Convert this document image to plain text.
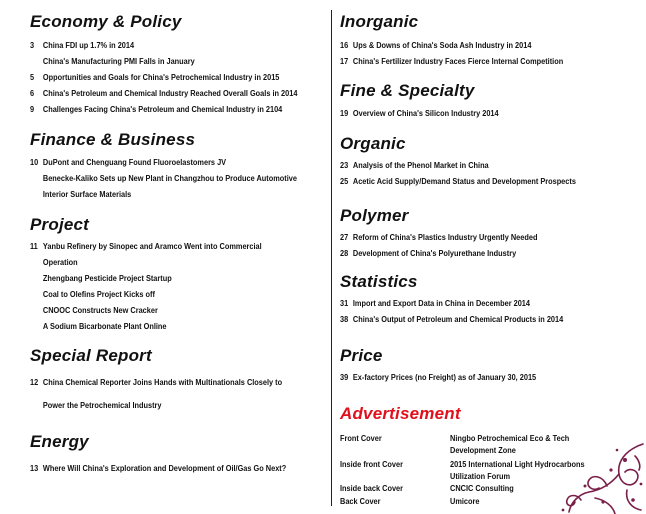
Economy & Policy
3 China FDI up 1.7% in 2014
China's Manufacturing PMI Falls in January
5 Opportunities and Goals for China's Petrochemical Industry in 2015
6 China's Petroleum and Chemical Industry Reached Overall Goals in 2014
9 Challenges Facing China's Petroleum and Chemical Industry in 2104
Finance & Business
10 DuPont and Chenguang Found Fluoroelastomers JV
Benecke-Kaliko Sets up New Plant in Changzhou to Produce Automotive
Interior Surface Materials
Project
11 Yanbu Refinery by Sinopec and Aramco Went into Commercial
Operation
Zhengbang Pesticide Project Startup
Coal to Olefins Project Kicks off
CNOOC Constructs New Cracker
A Sodium Bicarbonate Plant Online
Special Report
12 China Chemical Reporter Joins Hands with Multinationals Closely to
Power the Petrochemical Industry
Energy
13 Where Will China's Exploration and Development of Oil/Gas Go Next?
Inorganic
16 Ups & Downs of China's Soda Ash Industry in 2014
17 China's Fertilizer Industry Faces Fierce Internal Competition
Fine & Specialty
19 Overview of China's Silicon Industry 2014
Organic
23 Analysis of the Phenol Market in China
25 Acetic Acid Supply/Demand Status and Development Prospects
Polymer
27 Reform of China's Plastics Industry Urgently Needed
28 Development of China's Polyurethane Industry
Statistics
31 Import and Export Data in China in December 2014
38 China's Output of Petroleum and Chemical Products in 2014
Price
39 Ex-factory Prices (no Freight) as of January 30, 2015
Advertisement
Front Cover	Ningbo Petrochemical Eco & Tech
Development Zone
Inside front Cover	2015 International Light Hydrocarbons
Utilization Forum
Inside back Cover	CNCIC Consulting
Back Cover	Umicore
